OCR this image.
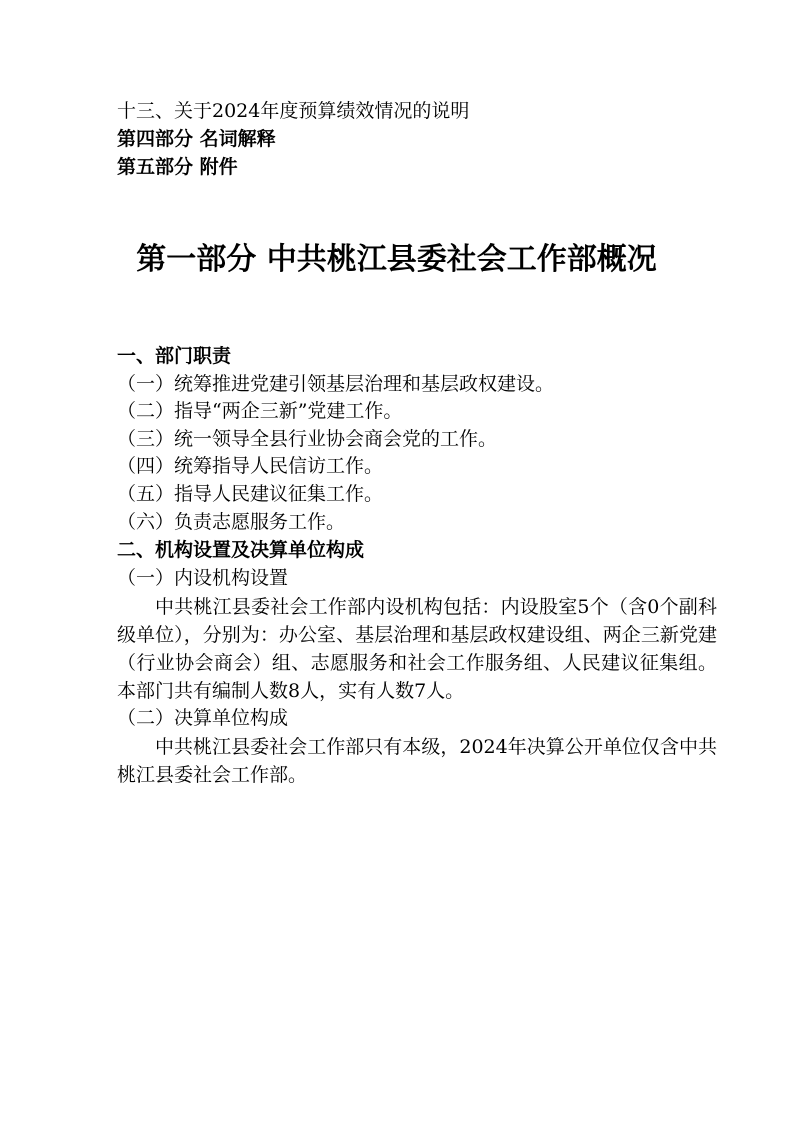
十三、关于2024年度预算绩效情况的说明

第四部分 名词解释

第五部分 附件

第一部分 中共桃江县委社会工作部概况

一、部门职责

（一）统筹推进党建引领基层治理和基层政权建设。

（二）指导“两企三新”党建工作。

（三）统一领导全县行业协会商会党的工作。

（四）统筹指导人民信访工作。

（五）指导人民建议征集工作。

（六）负责志愿服务工作。

二、机构设置及决算单位构成

（一）内设机构设置

中共桃江县委社会工作部内设机构包括：内设股室5个（含0个副科级单位），分别为：办公室、基层治理和基层政权建设组、两企三新党建（行业协会商会）组、志愿服务和社会工作服务组、人民建议征集组。本部门共有编制人数8人，实有人数7人。

（二）决算单位构成

中共桃江县委社会工作部只有本级，2024年决算公开单位仅含中共桃江县委社会工作部。
